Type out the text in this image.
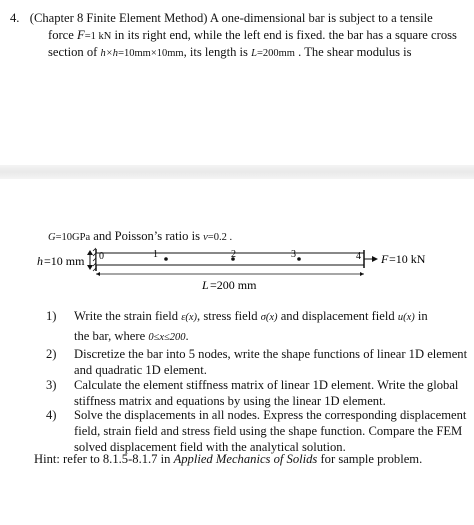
4. (Chapter 8 Finite Element Method) A one-dimensional bar is subject to a tensile
force F=1 kN in its right end, while the left end is fixed. the bar has a square cross
section of h×h=10mm×10mm, its length is L=200mm . The shear modulus is
G=10GPa and Poisson’s ratio is v=0.2 .
h =10 mm 0	1	2	3	4 F =10 kN
L =200 mm
1) Write the strain field ε(x), stress field σ(x) and displacement field u(x) in
the bar, where 0≤x≤200.
2) Discretize the bar into 5 nodes, write the shape functions of linear 1D element and quadratic 1D element.
3) Calculate the element stiffness matrix of linear 1D element. Write the global stiffness matrix and equations by using the linear 1D element.
4) Solve the displacements in all nodes. Express the corresponding displacement field, strain field and stress field using the shape function. Compare the FEM solved displacement field with the analytical solution.
Hint: refer to 8.1.5-8.1.7 in Applied Mechanics of Solids for sample problem.
